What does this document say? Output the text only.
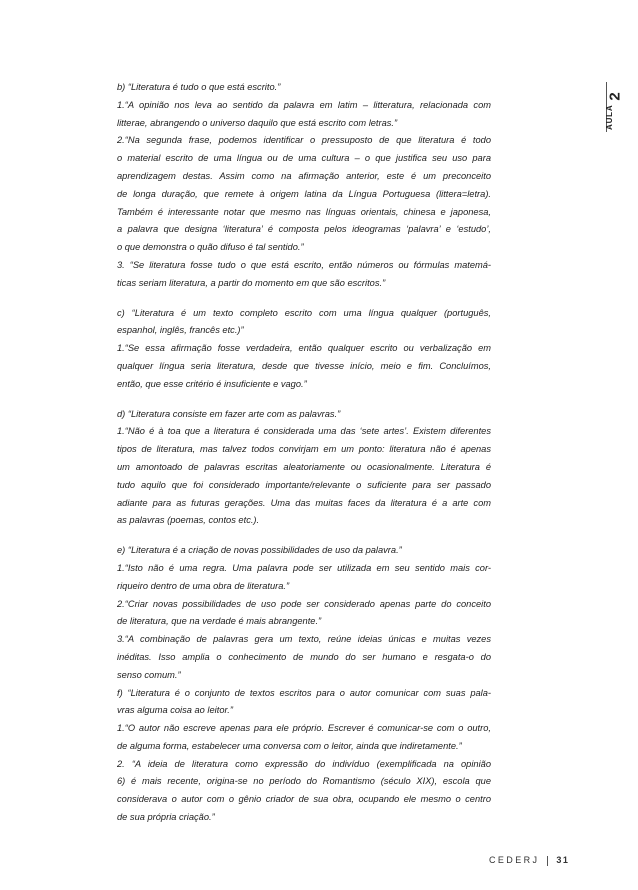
2
AULA
b) “Literatura é tudo o que está escrito.”
1.“A opinião nos leva ao sentido da palavra em latim – litteratura, relacionada com
litterae, abrangendo o universo daquilo que está escrito com letras.”
2.“Na segunda frase, podemos identificar o pressuposto de que literatura é todo
o material escrito de uma língua ou de uma cultura – o que justifica seu uso para
aprendizagem destas. Assim como na afirmação anterior, este é um preconceito
de longa duração, que remete à origem latina da Língua Portuguesa (littera=letra).
Também é interessante notar que mesmo nas línguas orientais, chinesa e japonesa,
a palavra que designa ‘literatura’ é composta pelos ideogramas ‘palavra’ e ‘estudo’,
o que demonstra o quão difuso é tal sentido.”
3. “Se literatura fosse tudo o que está escrito, então números ou fórmulas matemá-
ticas seriam literatura, a partir do momento em que são escritos.”
c) “Literatura é um texto completo escrito com uma língua qualquer (português,
espanhol, inglês, francês etc.)”
1.“Se essa afirmação fosse verdadeira, então qualquer escrito ou verbalização em
qualquer língua seria literatura, desde que tivesse início, meio e fim. Concluímos,
então, que esse critério é insuficiente e vago.”
d) “Literatura consiste em fazer arte com as palavras.”
1.“Não é à toa que a literatura é considerada uma das ‘sete artes’. Existem diferentes
tipos de literatura, mas talvez todos convirjam em um ponto: literatura não é apenas
um amontoado de palavras escritas aleatoriamente ou ocasionalmente. Literatura é
tudo aquilo que foi considerado importante/relevante o suficiente para ser passado
adiante para as futuras gerações. Uma das muitas faces da literatura é a arte com
as palavras (poemas, contos etc.).
e) “Literatura é a criação de novas possibilidades de uso da palavra.”
1.“Isto não é uma regra. Uma palavra pode ser utilizada em seu sentido mais cor-
riqueiro dentro de uma obra de literatura.”
2.“Criar novas possibilidades de uso pode ser considerado apenas parte do conceito
de literatura, que na verdade é mais abrangente.”
3.“A combinação de palavras gera um texto, reúne ideias únicas e muitas vezes
inéditas. Isso amplia o conhecimento de mundo do ser humano e resgata-o do
senso comum.”
f) “Literatura é o conjunto de textos escritos para o autor comunicar com suas pala-
vras alguma coisa ao leitor.”
1.“O autor não escreve apenas para ele próprio. Escrever é comunicar-se com o outro,
de alguma forma, estabelecer uma conversa com o leitor, ainda que indiretamente.”
2. “A ideia de literatura como expressão do indivíduo (exemplificada na opinião
6) é mais recente, origina-se no período do Romantismo (século XIX), escola que
considerava o autor com o gênio criador de sua obra, ocupando ele mesmo o centro
de sua própria criação.”
CEDERJ 31
